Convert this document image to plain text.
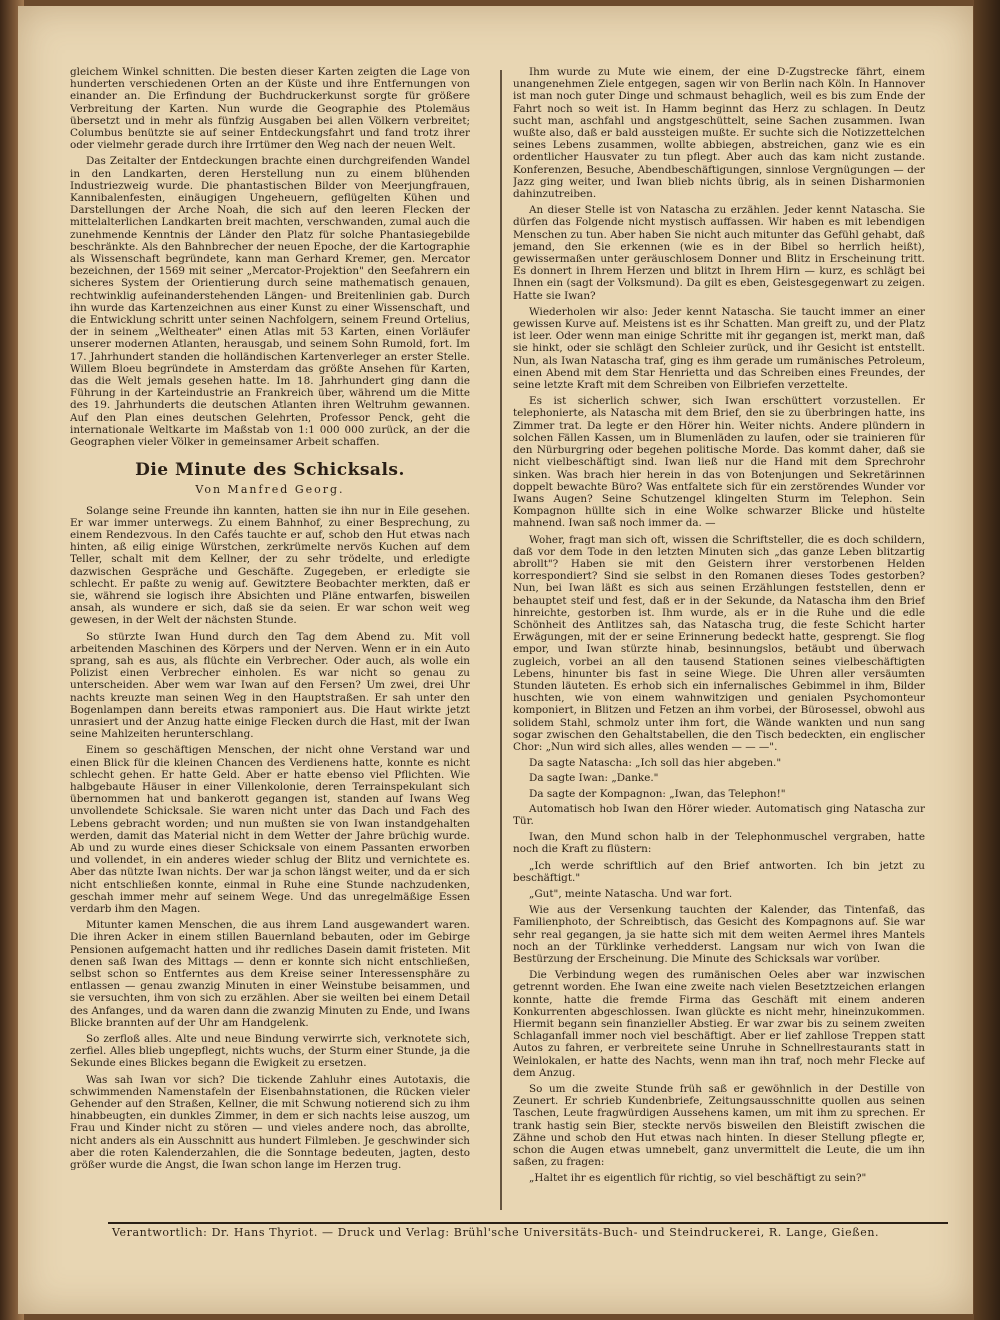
gleichem Winkel schnitten. Die besten dieser Karten zeigten die Lage von hunderten verschiedenen Orten an der Küste und ihre Entfernungen von einander an. Die Erfindung der Buchdruckerkunst sorgte für größere Verbreitung der Karten. Nun wurde die Geographie des Ptolemäus übersetzt und in mehr als fünfzig Ausgaben bei allen Völkern verbreitet; Columbus benützte sie auf seiner Entdeckungsfahrt und fand trotz ihrer oder vielmehr gerade durch ihre Irrtümer den Weg nach der neuen Welt.

Das Zeitalter der Entdeckungen brachte einen durchgreifenden Wandel in den Landkarten, deren Herstellung nun zu einem blühenden Industriezweig wurde. Die phantastischen Bilder von Meerjungfrauen, Kannibalenfesten, einäugigen Ungeheuern, geflügelten Kühen und Darstellungen der Arche Noah, die sich auf den leeren Flecken der mittelalterlichen Landkarten breit machten, verschwanden, zumal auch die zunehmende Kenntnis der Länder den Platz für solche Phantasiegebilde beschränkte. Als den Bahnbrecher der neuen Epoche, der die Kartographie als Wissenschaft begründete, kann man Gerhard Kremer, gen. Mercator bezeichnen, der 1569 mit seiner „Mercator-Projektion" den Seefahrern ein sicheres System der Orientierung durch seine mathematisch genauen, rechtwinklig aufeinanderstehenden Längen- und Breitenlinien gab. Durch ihn wurde das Kartenzeichnen aus einer Kunst zu einer Wissenschaft, und die Entwicklung schritt unter seinen Nachfolgern, seinem Freund Ortelius, der in seinem „Weltheater" einen Atlas mit 53 Karten, einen Vorläufer unserer modernen Atlanten, herausgab, und seinem Sohn Rumold, fort. Im 17. Jahrhundert standen die holländischen Kartenverleger an erster Stelle. Willem Bloeu begründete in Amsterdam das größte Ansehen für Karten, das die Welt jemals gesehen hatte. Im 18. Jahrhundert ging dann die Führung in der Karteindustrie an Frankreich über, während um die Mitte des 19. Jahrhunderts die deutschen Atlanten ihren Weltruhm gewannen. Auf den Plan eines deutschen Gelehrten, Professor Penck, geht die internationale Weltkarte im Maßstab von 1:1 000 000 zurück, an der die Geographen vieler Völker in gemeinsamer Arbeit schaffen.

Die Minute des Schicksals.
Von Manfred Georg.

Solange seine Freunde ihn kannten, hatten sie ihn nur in Eile gesehen. Er war immer unterwegs. Zu einem Bahnhof, zu einer Besprechung, zu einem Rendezvous. In den Cafés tauchte er auf, schob den Hut etwas nach hinten, aß eilig einige Würstchen, zerkrümelte nervös Kuchen auf dem Teller, schalt mit dem Kellner, der zu sehr trödelte, und erledigte dazwischen Gespräche und Geschäfte. Zugegeben, er erledigte sie schlecht. Er paßte zu wenig auf. Gewitztere Beobachter merkten, daß er sie, während sie logisch ihre Absichten und Pläne entwarfen, bisweilen ansah, als wundere er sich, daß sie da seien. Er war schon weit weg gewesen, in der Welt der nächsten Stunde.

So stürzte Iwan Hund durch den Tag dem Abend zu. Mit voll arbeitenden Maschinen des Körpers und der Nerven. Wenn er in ein Auto sprang, sah es aus, als flüchte ein Verbrecher. Oder auch, als wolle ein Polizist einen Verbrecher einholen. Es war nicht so genau zu unterscheiden. Aber wem war Iwan auf den Fersen? Um zwei, drei Uhr nachts kreuzte man seinen Weg in den Hauptstraßen. Er sah unter den Bogenlampen dann bereits etwas ramponiert aus. Die Haut wirkte jetzt unrasiert und der Anzug hatte einige Flecken durch die Hast, mit der Iwan seine Mahlzeiten herunterschlang.

Einem so geschäftigen Menschen, der nicht ohne Verstand war und einen Blick für die kleinen Chancen des Verdienens hatte, konnte es nicht schlecht gehen. Er hatte Geld. Aber er hatte ebenso viel Pflichten. Wie halbgebaute Häuser in einer Villenkolonie, deren Terrainspekulant sich übernommen hat und bankerott gegangen ist, standen auf Iwans Weg unvollendete Schicksale. Sie waren nicht unter das Dach und Fach des Lebens gebracht worden; und nun mußten sie von Iwan instandgehalten werden, damit das Material nicht in dem Wetter der Jahre brüchig wurde. Ab und zu wurde eines dieser Schicksale von einem Passanten erworben und vollendet, in ein anderes wieder schlug der Blitz und vernichtete es. Aber das nützte Iwan nichts. Der war ja schon längst weiter, und da er sich nicht entschließen konnte, einmal in Ruhe eine Stunde nachzudenken, geschah immer mehr auf seinem Wege. Und das unregelmäßige Essen verdarb ihm den Magen.

Mitunter kamen Menschen, die aus ihrem Land ausgewandert waren. Die ihren Acker in einem stillen Bauernland bebauten, oder im Gebirge Pensionen aufgemacht hatten und ihr redliches Dasein damit fristeten. Mit denen saß Iwan des Mittags — denn er konnte sich nicht entschließen, selbst schon so Entferntes aus dem Kreise seiner Interessensphäre zu entlassen — genau zwanzig Minuten in einer Weinstube beisammen, und sie versuchten, ihm von sich zu erzählen. Aber sie weilten bei einem Detail des Anfanges, und da waren dann die zwanzig Minuten zu Ende, und Iwans Blicke brannten auf der Uhr am Handgelenk.

So zerfloß alles. Alte und neue Bindung verwirrte sich, verknotete sich, zerfiel. Alles blieb ungepflegt, nichts wuchs, der Sturm einer Stunde, ja die Sekunde eines Blickes begann die Ewigkeit zu ersetzen.

Was sah Iwan vor sich? Die tickende Zahluhr eines Autotaxis, die schwimmenden Namenstafeln der Eisenbahnstationen, die Rücken vieler Gehender auf den Straßen, Kellner, die mit Schwung notierend sich zu ihm hinabbeugten, ein dunkles Zimmer, in dem er sich nachts leise auszog, um Frau und Kinder nicht zu stören — und vieles andere noch, das abrollte, nicht anders als ein Ausschnitt aus hundert Filmleben. Je geschwinder sich aber die roten Kalenderzahlen, die die Sonntage bedeuten, jagten, desto größer wurde die Angst, die Iwan schon lange im Herzen trug.

Ihm wurde zu Mute wie einem, der eine D-Zugstrecke fährt, einem unangenehmen Ziele entgegen, sagen wir von Berlin nach Köln. In Hannover ist man noch guter Dinge und schmaust behaglich, weil es bis zum Ende der Fahrt noch so weit ist. In Hamm beginnt das Herz zu schlagen. In Deutz sucht man, aschfahl und angstgeschüttelt, seine Sachen zusammen. Iwan wußte also, daß er bald aussteigen mußte. Er suchte sich die Notizzettelchen seines Lebens zusammen, wollte abbiegen, abstreichen, ganz wie es ein ordentlicher Hausvater zu tun pflegt. Aber auch das kam nicht zustande. Konferenzen, Besuche, Abendbeschäftigungen, sinnlose Vergnügungen — der Jazz ging weiter, und Iwan blieb nichts übrig, als in seinen Disharmonien dahinzutreiben.

An dieser Stelle ist von Natascha zu erzählen. Jeder kennt Natascha. Sie dürfen das Folgende nicht mystisch auffassen. Wir haben es mit lebendigen Menschen zu tun. Aber haben Sie nicht auch mitunter das Gefühl gehabt, daß jemand, den Sie erkennen (wie es in der Bibel so herrlich heißt), gewissermaßen unter geräuschlosem Donner und Blitz in Erscheinung tritt. Es donnert in Ihrem Herzen und blitzt in Ihrem Hirn — kurz, es schlägt bei Ihnen ein (sagt der Volksmund). Da gilt es eben, Geistesgegenwart zu zeigen. Hatte sie Iwan?

Wiederholen wir also: Jeder kennt Natascha. Sie taucht immer an einer gewissen Kurve auf. Meistens ist es ihr Schatten. Man greift zu, und der Platz ist leer. Oder wenn man einige Schritte mit ihr gegangen ist, merkt man, daß sie hinkt, oder sie schlägt den Schleier zurück, und ihr Gesicht ist entstellt. Nun, als Iwan Natascha traf, ging es ihm gerade um rumänisches Petroleum, einen Abend mit dem Star Henrietta und das Schreiben eines Freundes, der seine letzte Kraft mit dem Schreiben von Eilbriefen verzettelte.

Es ist sicherlich schwer, sich Iwan erschüttert vorzustellen. Er telephonierte, als Natascha mit dem Brief, den sie zu überbringen hatte, ins Zimmer trat. Da legte er den Hörer hin. Weiter nichts. Andere plündern in solchen Fällen Kassen, um in Blumenläden zu laufen, oder sie trainieren für den Nürburgring oder begehen politische Morde. Das kommt daher, daß sie nicht vielbeschäftigt sind. Iwan ließ nur die Hand mit dem Sprechrohr sinken. Was brach hier herein in das von Botenjungen und Sekretärinnen doppelt bewachte Büro? Was entfaltete sich für ein zerstörendes Wunder vor Iwans Augen? Seine Schutzengel klingelten Sturm im Telephon. Sein Kompagnon hüllte sich in eine Wolke schwarzer Blicke und hüstelte mahnend. Iwan saß noch immer da. —

Woher, fragt man sich oft, wissen die Schriftsteller, die es doch schildern, daß vor dem Tode in den letzten Minuten sich „das ganze Leben blitzartig abrollt"? Haben sie mit den Geistern ihrer verstorbenen Helden korrespondiert? Sind sie selbst in den Romanen dieses Todes gestorben? Nun, bei Iwan läßt es sich aus seinen Erzählungen feststellen, denn er behauptet steif und fest, daß er in der Sekunde, da Natascha ihm den Brief hinreichte, gestorben ist. Ihm wurde, als er in die Ruhe und die edle Schönheit des Antlitzes sah, das Natascha trug, die feste Schicht harter Erwägungen, mit der er seine Erinnerung bedeckt hatte, gesprengt. Sie flog empor, und Iwan stürzte hinab, besinnungslos, betäubt und überwach zugleich, vorbei an all den tausend Stationen seines vielbeschäftigten Lebens, hinunter bis fast in seine Wiege. Die Uhren aller versäumten Stunden läuteten. Es erhob sich ein infernalisches Gebimmel in ihm, Bilder huschten, wie von einem wahnwitzigen und genialen Psychomonteur komponiert, in Blitzen und Fetzen an ihm vorbei, der Bürosessel, obwohl aus solidem Stahl, schmolz unter ihm fort, die Wände wankten und nun sang sogar zwischen den Gehaltstabellen, die den Tisch bedeckten, ein englischer Chor: „Nun wird sich alles, alles wenden — — —".

Da sagte Natascha: „Ich soll das hier abgeben."

Da sagte Iwan: „Danke."

Da sagte der Kompagnon: „Iwan, das Telephon!"

Automatisch hob Iwan den Hörer wieder. Automatisch ging Natascha zur Tür.

Iwan, den Mund schon halb in der Telephonmuschel vergraben, hatte noch die Kraft zu flüstern:

„Ich werde schriftlich auf den Brief antworten. Ich bin jetzt zu beschäftigt."

„Gut", meinte Natascha. Und war fort.

Wie aus der Versenkung tauchten der Kalender, das Tintenfaß, das Familienphoto, der Schreibtisch, das Gesicht des Kompagnons auf. Sie war sehr real gegangen, ja sie hatte sich mit dem weiten Aermel ihres Mantels noch an der Türklinke verhedderst. Langsam nur wich von Iwan die Bestürzung der Erscheinung. Die Minute des Schicksals war vorüber.

Die Verbindung wegen des rumänischen Oeles aber war inzwischen getrennt worden. Ehe Iwan eine zweite nach vielen Besetztzeichen erlangen konnte, hatte die fremde Firma das Geschäft mit einem anderen Konkurrenten abgeschlossen. Iwan glückte es nicht mehr, hineinzukommen. Hiermit begann sein finanzieller Abstieg. Er war zwar bis zu seinem zweiten Schlaganfall immer noch viel beschäftigt. Aber er lief zahllose Treppen statt Autos zu fahren, er verbreitete seine Unruhe in Schnellrestaurants statt in Weinlokalen, er hatte des Nachts, wenn man ihn traf, noch mehr Flecke auf dem Anzug.

So um die zweite Stunde früh saß er gewöhnlich in der Destille von Zeunert. Er schrieb Kundenbriefe, Zeitungsausschnitte quollen aus seinen Taschen, Leute fragwürdigen Aussehens kamen, um mit ihm zu sprechen. Er trank hastig sein Bier, steckte nervös bisweilen den Bleistift zwischen die Zähne und schob den Hut etwas nach hinten. In dieser Stellung pflegte er, schon die Augen etwas umnebelt, ganz unvermittelt die Leute, die um ihn saßen, zu fragen:

„Haltet ihr es eigentlich für richtig, so viel beschäftigt zu sein?"

Verantwortlich: Dr. Hans Thyriot. — Druck und Verlag: Brühl'sche Universitäts-Buch- und Steindruckerei, R. Lange, Gießen.
